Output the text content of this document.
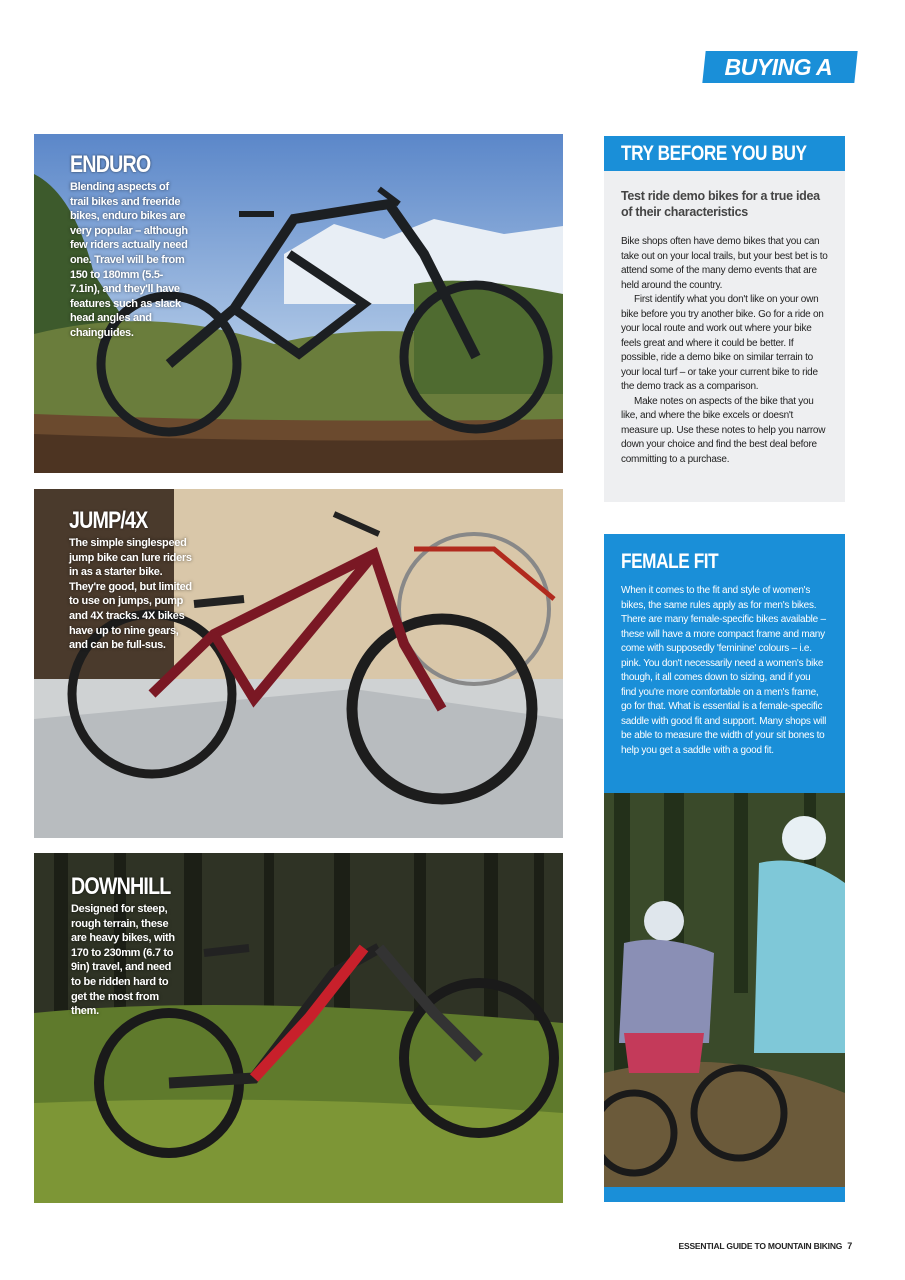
BUYING A BIKE
ENDURO

Blending aspects of trail bikes and freeride bikes, enduro bikes are very popular – although few riders actually need one. Travel will be from 150 to 180mm (5.5- 7.1in), and they'll have features such as slack head angles and chainguides.

JUMP/4X

The simple singlespeed jump bike can lure riders in as a starter bike. They're good, but limited to use on jumps, pump and 4X tracks. 4X bikes have up to nine gears, and can be full-sus.

DOWNHILL

Designed for steep, rough terrain, these are heavy bikes, with 170 to 230mm (6.7 to 9in) travel, and need to be ridden hard to get the most from them.

TRY BEFORE YOU BUY
Test ride demo bikes for a true idea of their characteristics

Bike shops often have demo bikes that you can take out on your local trails, but your best bet is to attend some of the many demo events that are held around the country.

First identify what you don't like on your own bike before you try another bike. Go for a ride on your local route and work out where your bike feels great and where it could be better. If possible, ride a demo bike on similar terrain to your local turf – or take your current bike to ride the demo track as a comparison.

Make notes on aspects of the bike that you like, and where the bike excels or doesn't measure up. Use these notes to help you narrow down your choice and find the best deal before committing to a purchase.

FEMALE FIT
When it comes to the fit and style of women's bikes, the same rules apply as for men's bikes. There are many female-specific bikes available – these will have a more compact frame and many come with supposedly 'feminine' colours – i.e. pink. You don't necessarily need a women's bike though, it all comes down to sizing, and if you find you're more comfortable on a men's frame, go for that. What is essential is a female-specific saddle with good fit and support. Many shops will be able to measure the width of your sit bones to help you get a saddle with a good fit.
ESSENTIAL GUIDE TO MOUNTAIN BIKING 7
